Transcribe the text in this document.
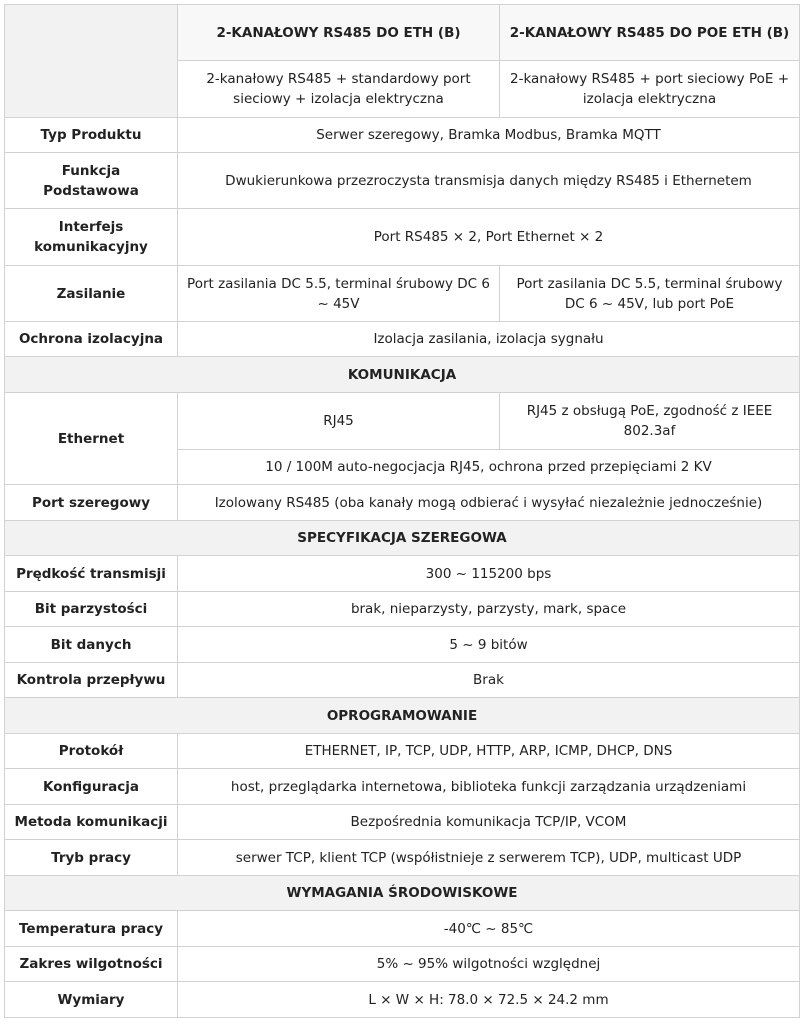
	2-KANAŁOWY RS485 DO ETH (B)	2-KANAŁOWY RS485 DO POE ETH (B)
	2-kanałowy RS485 + standardowy port sieciowy + izolacja elektryczna	2-kanałowy RS485 + port sieciowy PoE + izolacja elektryczna
Typ Produktu	Serwer szeregowy, Bramka Modbus, Bramka MQTT	
Funkcja Podstawowa	Dwukierunkowa przezroczysta transmisja danych między RS485 i Ethernetem	
Interfejs komunikacyjny	Port RS485 × 2, Port Ethernet × 2	
Zasilanie	Port zasilania DC 5.5, terminal śrubowy DC 6 ~ 45V	Port zasilania DC 5.5, terminal śrubowy DC 6 ~ 45V, lub port PoE
Ochrona izolacyjna	Izolacja zasilania, izolacja sygnału	
KOMUNIKACJA		
Ethernet	RJ45	RJ45 z obsługą PoE, zgodność z IEEE 802.3af
	10 / 100M auto-negocjacja RJ45, ochrona przed przepięciami 2 KV	
Port szeregowy	Izolowany RS485 (oba kanały mogą odbierać i wysyłać niezależnie jednocześnie)	
SPECYFIKACJA SZEREGOWA		
Prędkość transmisji	300 ~ 115200 bps	
Bit parzystości	brak, nieparzysty, parzysty, mark, space	
Bit danych	5 ~ 9 bitów	
Kontrola przepływu	Brak	
OPROGRAMOWANIE		
Protokół	ETHERNET, IP, TCP, UDP, HTTP, ARP, ICMP, DHCP, DNS	
Konfiguracja	host, przeglądarka internetowa, biblioteka funkcji zarządzania urządzeniami	
Metoda komunikacji	Bezpośrednia komunikacja TCP/IP, VCOM	
Tryb pracy	serwer TCP, klient TCP (współistnieje z serwerem TCP), UDP, multicast UDP	
WYMAGANIA ŚRODOWISKOWE		
Temperatura pracy	-40℃ ~ 85℃	
Zakres wilgotności	5% ~ 95% wilgotności względnej	
Wymiary	L × W × H: 78.0 × 72.5 × 24.2 mm	
